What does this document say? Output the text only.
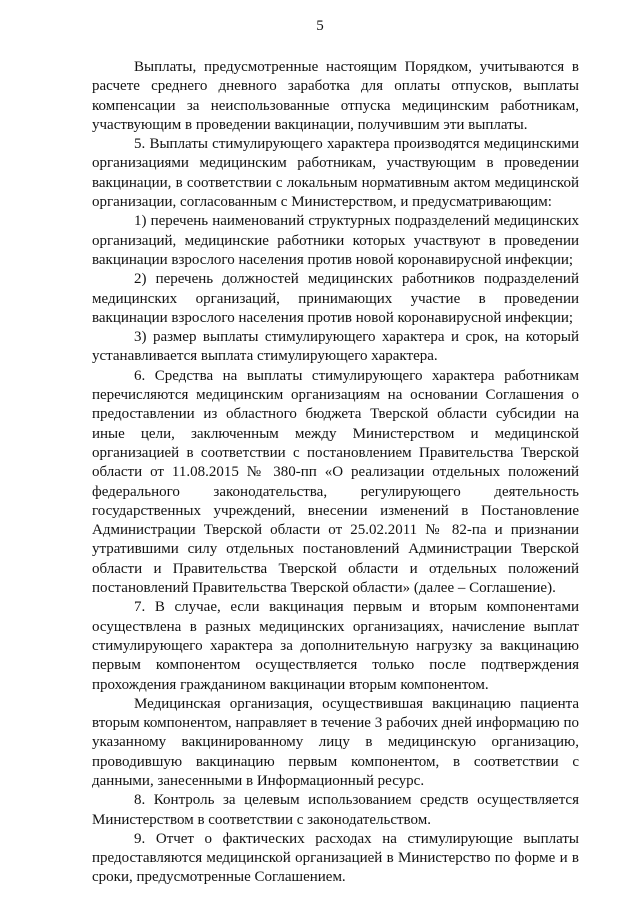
5

Выплаты, предусмотренные настоящим Порядком, учитываются в расчете среднего дневного заработка для оплаты отпусков, выплаты компенсации за неиспользованные отпуска медицинским работникам, участвующим в проведении вакцинации, получившим эти выплаты.

5. Выплаты стимулирующего характера производятся медицинскими организациями медицинским работникам, участвующим в проведении вакцинации, в соответствии с локальным нормативным актом медицинской организации, согласованным с Министерством, и предусматривающим:

1) перечень наименований структурных подразделений медицинских организаций, медицинские работники которых участвуют в проведении вакцинации взрослого населения против новой коронавирусной инфекции;

2) перечень должностей медицинских работников подразделений медицинских организаций, принимающих участие в проведении вакцинации взрослого населения против новой коронавирусной инфекции;

3) размер выплаты стимулирующего характера и срок, на который устанавливается выплата стимулирующего характера.

6. Средства на выплаты стимулирующего характера работникам перечисляются медицинским организациям на основании Соглашения о предоставлении из областного бюджета Тверской области субсидии на иные цели, заключенным между Министерством и медицинской организацией в соответствии с постановлением Правительства Тверской области от 11.08.2015 № 380-пп «О реализации отдельных положений федерального законодательства, регулирующего деятельность государственных учреждений, внесении изменений в Постановление Администрации Тверской области от 25.02.2011 № 82-па и признании утратившими силу отдельных постановлений Администрации Тверской области и Правительства Тверской области и отдельных положений постановлений Правительства Тверской области» (далее – Соглашение).

7. В случае, если вакцинация первым и вторым компонентами осуществлена в разных медицинских организациях, начисление выплат стимулирующего характера за дополнительную нагрузку за вакцинацию первым компонентом осуществляется только после подтверждения прохождения гражданином вакцинации вторым компонентом.

Медицинская организация, осуществившая вакцинацию пациента вторым компонентом, направляет в течение 3 рабочих дней информацию по указанному вакцинированному лицу в медицинскую организацию, проводившую вакцинацию первым компонентом, в соответствии с данными, занесенными в Информационный ресурс.

8. Контроль за целевым использованием средств осуществляется Министерством в соответствии с законодательством.

9. Отчет о фактических расходах на стимулирующие выплаты предоставляются медицинской организацией в Министерство по форме и в сроки, предусмотренные Соглашением.
